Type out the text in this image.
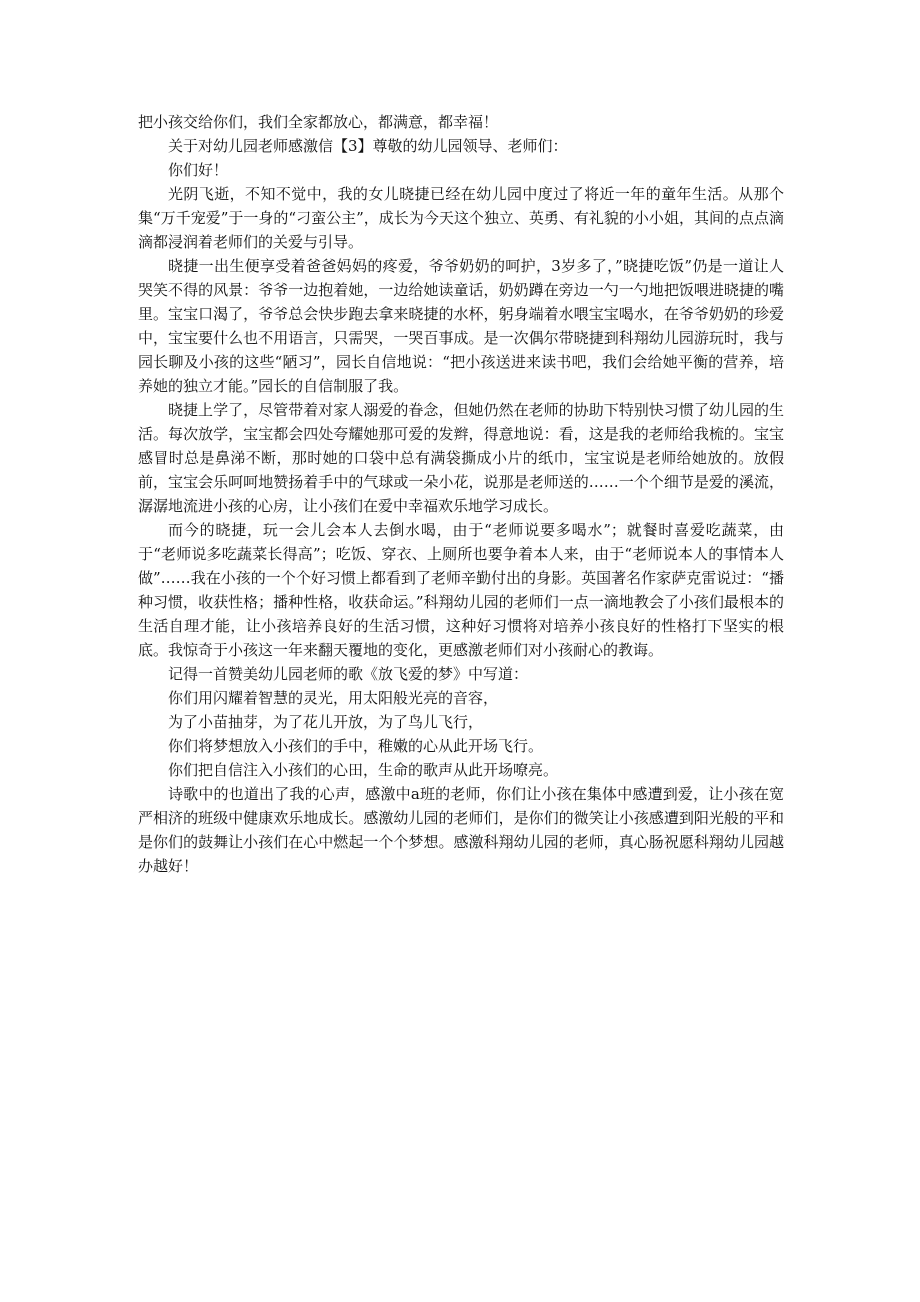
把小孩交给你们，我们全家都放心，都满意，都幸福！

关于对幼儿园老师感激信【3】尊敬的幼儿园领导、老师们：

你们好！

光阴飞逝，不知不觉中，我的女儿晓捷已经在幼儿园中度过了将近一年的童年生活。从那个集“万千宠爱”于一身的“刁蛮公主”，成长为今天这个独立、英勇、有礼貌的小小姐，其间的点点滴滴都浸润着老师们的关爱与引导。

晓捷一出生便享受着爸爸妈妈的疼爱，爷爷奶奶的呵护，3岁多了，”晓捷吃饭”仍是一道让人哭笑不得的风景：爷爷一边抱着她，一边给她读童话，奶奶蹲在旁边一勺一勺地把饭喂进晓捷的嘴里。宝宝口渴了，爷爷总会快步跑去拿来晓捷的水杯，躬身端着水喂宝宝喝水，在爷爷奶奶的珍爱中，宝宝要什么也不用语言，只需哭，一哭百事成。是一次偶尔带晓捷到科翔幼儿园游玩时，我与园长聊及小孩的这些“陋习”，园长自信地说：“把小孩送进来读书吧，我们会给她平衡的营养，培养她的独立才能。”园长的自信制服了我。

晓捷上学了，尽管带着对家人溺爱的眷念，但她仍然在老师的协助下特别快习惯了幼儿园的生活。每次放学，宝宝都会四处夸耀她那可爱的发辫，得意地说：看，这是我的老师给我梳的。宝宝感冒时总是鼻涕不断，那时她的口袋中总有满袋撕成小片的纸巾，宝宝说是老师给她放的。放假前，宝宝会乐呵呵地赞扬着手中的气球或一朵小花，说那是老师送的……一个个细节是爱的溪流，潺潺地流进小孩的心房，让小孩们在爱中幸福欢乐地学习成长。

而今的晓捷，玩一会儿会本人去倒水喝，由于“老师说要多喝水”；就餐时喜爱吃蔬菜，由于“老师说多吃蔬菜长得高”；吃饭、穿衣、上厕所也要争着本人来，由于“老师说本人的事情本人做”……我在小孩的一个个好习惯上都看到了老师辛勤付出的身影。英国著名作家萨克雷说过：“播种习惯，收获性格；播种性格，收获命运。”科翔幼儿园的老师们一点一滴地教会了小孩们最根本的生活自理才能，让小孩培养良好的生活习惯，这种好习惯将对培养小孩良好的性格打下坚实的根底。我惊奇于小孩这一年来翻天覆地的变化，更感激老师们对小孩耐心的教诲。

记得一首赞美幼儿园老师的歌《放飞爱的梦》中写道：

你们用闪耀着智慧的灵光，用太阳般光亮的音容，

为了小苗抽芽，为了花儿开放，为了鸟儿飞行，

你们将梦想放入小孩们的手中，稚嫩的心从此开场飞行。

你们把自信注入小孩们的心田，生命的歌声从此开场嘹亮。

诗歌中的也道出了我的心声，感激中a班的老师，你们让小孩在集体中感遭到爱，让小孩在宽严相济的班级中健康欢乐地成长。感激幼儿园的老师们，是你们的微笑让小孩感遭到阳光般的平和 是你们的鼓舞让小孩们在心中燃起一个个梦想。感激科翔幼儿园的老师，真心肠祝愿科翔幼儿园越办越好！
